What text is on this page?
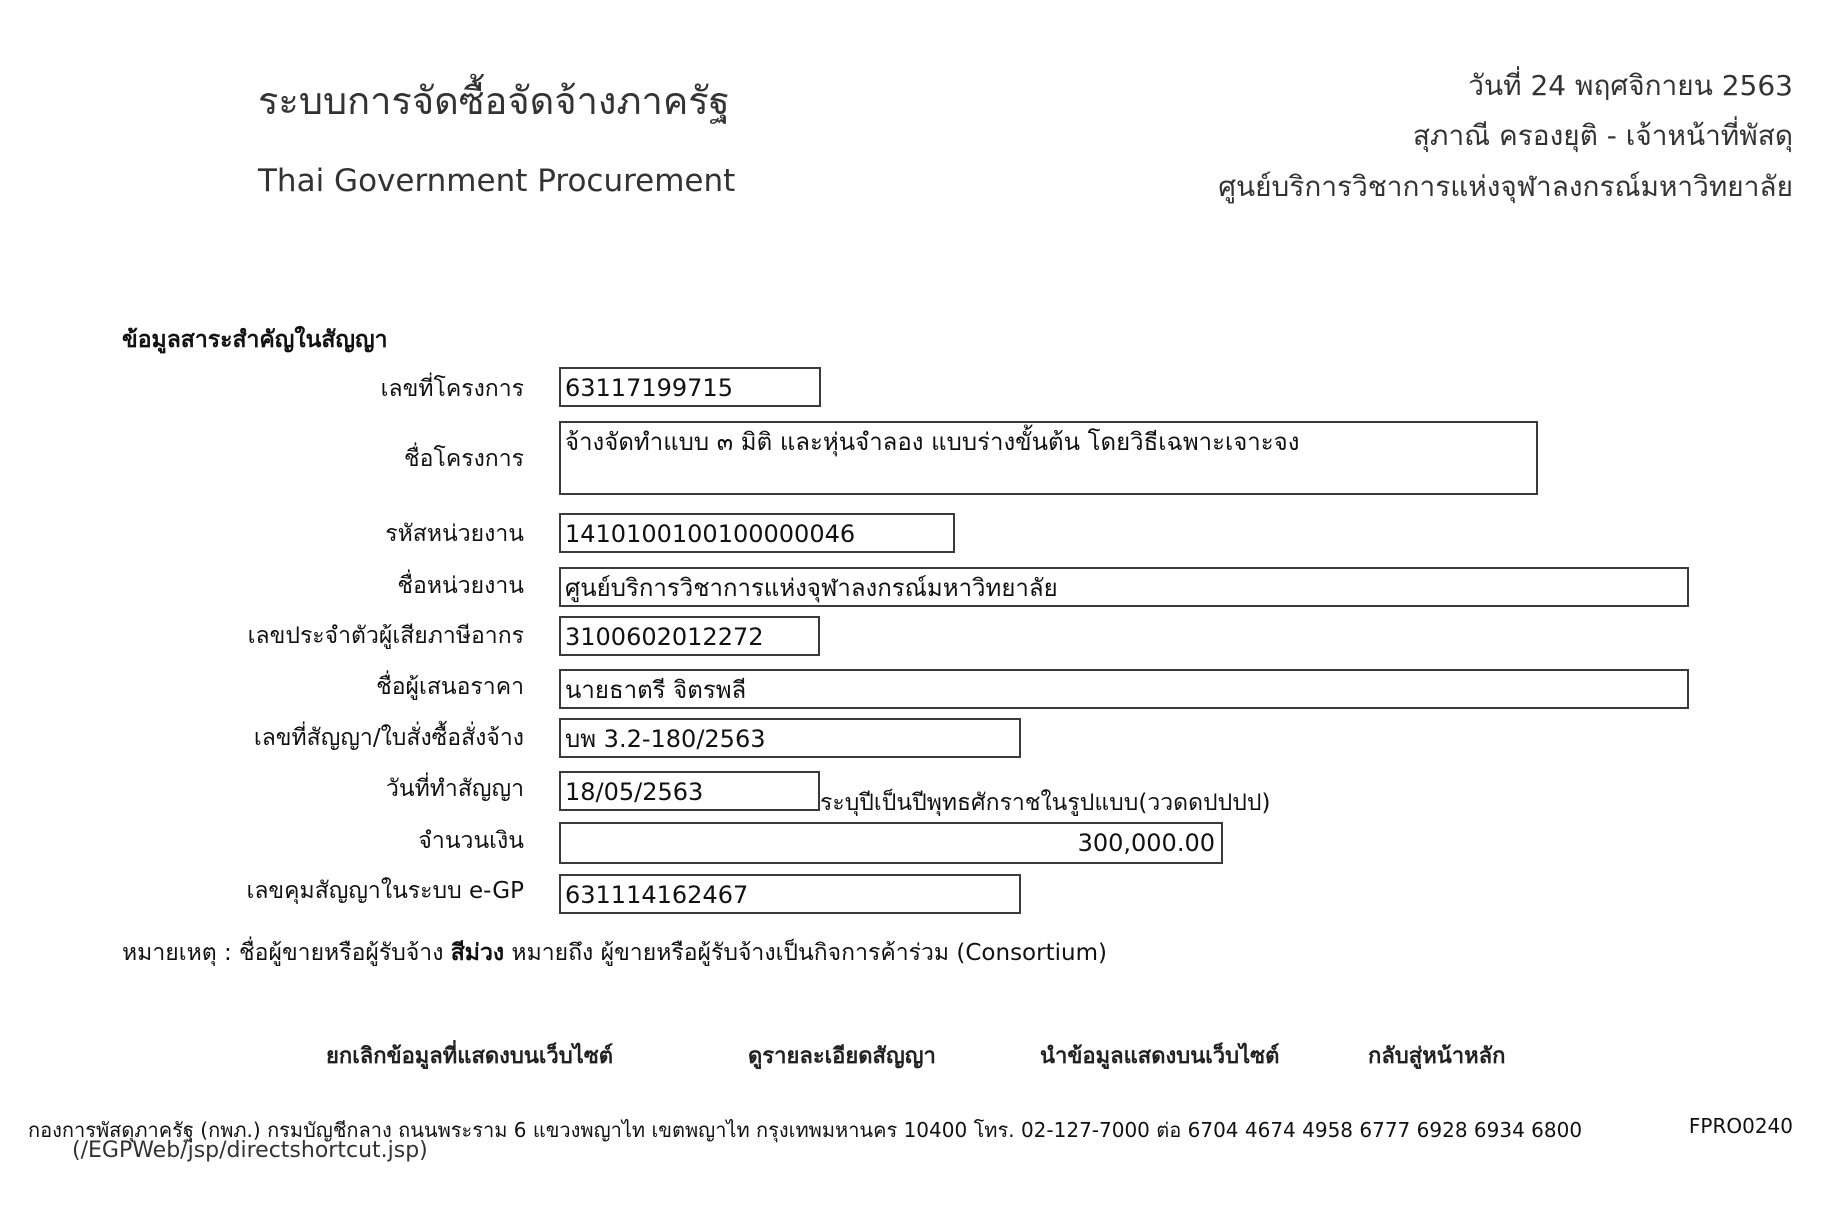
ระบบการจัดซื้อจัดจ้างภาครัฐ
Thai Government Procurement
วันที่ 24 พฤศจิกายน 2563
สุภาณี ครองยุติ - เจ้าหน้าที่พัสดุ
ศูนย์บริการวิชาการแห่งจุฬาลงกรณ์มหาวิทยาลัย
ข้อมูลสาระสำคัญในสัญญา
เลขที่โครงการ 63117199715
ชื่อโครงการ
จ้างจัดทำแบบ ๓ มิติ และหุ่นจำลอง แบบร่างขั้นต้น โดยวิธีเฉพาะเจาะจง
รหัสหน่วยงาน 1410100100100000046
ชื่อหน่วยงาน ศูนย์บริการวิชาการแห่งจุฬาลงกรณ์มหาวิทยาลัย
เลขประจำตัวผู้เสียภาษีอากร 3100602012272
ชื่อผู้เสนอราคา นายธาตรี จิตรพลี
เลขที่สัญญา/ใบสั่งซื้อสั่งจ้าง บพ 3.2-180/2563
วันที่ทำสัญญา 18/05/2563	ระบุปีเป็นปีพุทธศักราชในรูปแบบ(ววดดปปปป)
จำนวนเงิน	300,000.00
เลขคุมสัญญาในระบบ e-GP 631114162467
หมายเหตุ : ชื่อผู้ขายหรือผู้รับจ้าง สีม่วง หมายถึง ผู้ขายหรือผู้รับจ้างเป็นกิจการค้าร่วม (Consortium)
ยกเลิกข้อมูลที่แสดงบนเว็บไซต์	ดูรายละเอียดสัญญา	นำข้อมูลแสดงบนเว็บไซต์	กลับสู่หน้าหลัก
กองการพัสดุภาครัฐ (กพภ.) กรมบัญชีกลาง ถนนพระราม 6 แขวงพญาไท เขตพญาไท กรุงเทพมหานคร 10400 โทร. 02-127-7000 ต่อ 6704 4674 4958 6777 6928 6934 6800	FPRO0240
(/EGPWeb/jsp/directshortcut.jsp)
